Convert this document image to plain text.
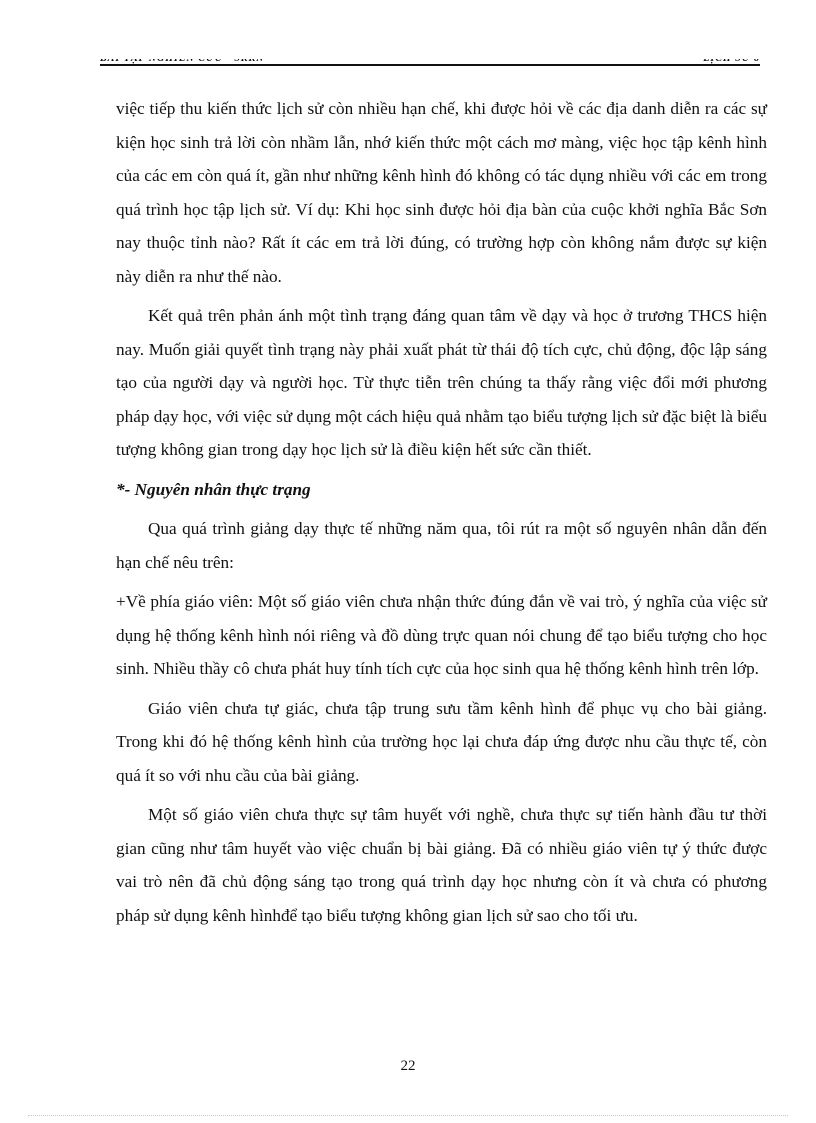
việc tiếp thu kiến thức lịch sử còn nhiều hạn chế, khi được hỏi về các địa danh diễn ra các sự kiện học sinh trả lời còn nhầm lẫn, nhớ kiến thức một cách mơ màng, việc học tập kênh hình của các em còn quá ít, gần như những kênh hình đó không có tác dụng nhiều với các em trong quá trình học tập lịch sử. Ví dụ: Khi học sinh được hỏi địa bàn của cuộc khởi nghĩa Bắc Sơn nay thuộc tỉnh nào? Rất ít các em trả lời đúng, có trường hợp còn không nắm được sự kiện này diễn ra như thế nào.

Kết quả trên phản ánh một tình trạng đáng quan tâm về dạy và học ở trương THCS hiện nay. Muốn giải quyết tình trạng này phải xuất phát từ thái độ tích cực, chủ động, độc lập sáng tạo của người dạy và người học. Từ thực tiễn trên chúng ta thấy rằng việc đổi mới phương pháp dạy học, với việc sử dụng một cách hiệu quả nhằm tạo biểu tượng lịch sử đặc biệt là biểu tượng không gian trong dạy học lịch sử là điều kiện hết sức cần thiết.

*- Nguyên nhân thực trạng

Qua quá trình giảng dạy thực tế những năm qua, tôi rút ra một số nguyên nhân dẫn đến hạn chế nêu trên:

+Về phía giáo viên: Một số giáo viên chưa nhận thức đúng đắn về vai trò, ý nghĩa của việc sử dụng hệ thống kênh hình nói riêng và đồ dùng trực quan nói chung để tạo biểu tượng cho học sinh. Nhiều thầy cô chưa phát huy tính tích cực của học sinh qua hệ thống kênh hình trên lớp.

Giáo viên chưa tự giác, chưa tập trung sưu tầm kênh hình để phục vụ cho bài giảng. Trong khi đó hệ thống kênh hình của trường học lại chưa đáp ứng được nhu cầu thực tế, còn quá ít so với nhu cầu của bài giảng.

Một số giáo viên chưa thực sự tâm huyết với nghề, chưa thực sự tiến hành đầu tư thời gian cũng như tâm huyết vào việc chuẩn bị bài giảng. Đã có nhiều giáo viên tự ý thức được vai trò nên đã chủ động sáng tạo trong quá trình dạy học nhưng còn ít và chưa có phương pháp sử dụng kênh hìnhđể tạo biểu tượng không gian lịch sử sao cho tối ưu.

22
